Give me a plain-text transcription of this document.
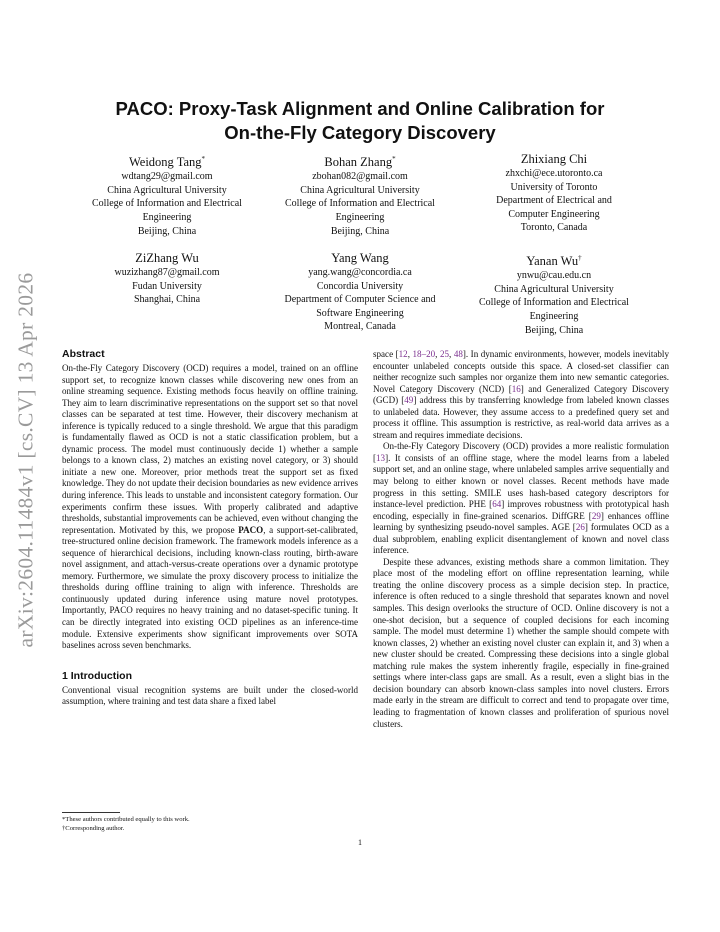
arXiv:2604.11484v1 [cs.CV] 13 Apr 2026
PACO: Proxy-Task Alignment and Online Calibration for
On-the-Fly Category Discovery
Weidong Tang*
wdtang29@gmail.com
China Agricultural University
College of Information and Electrical
Engineering
Beijing, China
Bohan Zhang*
zbohan082@gmail.com
China Agricultural University
College of Information and Electrical
Engineering
Beijing, China
Zhixiang Chi
zhxchi@ece.utoronto.ca
University of Toronto
Department of Electrical and
Computer Engineering
Toronto, Canada
ZiZhang Wu
wuzizhang87@gmail.com
Fudan University
Shanghai, China
Yang Wang
yang.wang@concordia.ca
Concordia University
Department of Computer Science and
Software Engineering
Montreal, Canada
Yanan Wu†
ynwu@cau.edu.cn
China Agricultural University
College of Information and Electrical
Engineering
Beijing, China
Abstract

On-the-Fly Category Discovery (OCD) requires a model, trained on an offline support set, to recognize known classes while discovering new ones from an online streaming sequence. Existing methods focus heavily on offline training. They aim to learn discriminative representations on the support set so that novel classes can be separated at test time. However, their discovery mechanism at inference is typically reduced to a single threshold. We argue that this paradigm is fundamentally flawed as OCD is not a static classification problem, but a dynamic process. The model must continuously decide 1) whether a sample belongs to a known class, 2) matches an existing novel category, or 3) should initiate a new one. Moreover, prior methods treat the support set as fixed knowledge. They do not update their decision boundaries as new evidence arrives during inference. This leads to unstable and inconsistent category formation. Our experiments confirm these issues. With properly calibrated and adaptive thresholds, substantial improvements can be achieved, even without changing the representation. Motivated by this, we propose PACO, a support-set-calibrated, tree-structured online decision framework. The framework models inference as a sequence of hierarchical decisions, including known-class routing, birth-aware novel assignment, and attach-versus-create operations over a dynamic prototype memory. Furthermore, we simulate the proxy discovery process to initialize the thresholds during offline training to align with inference. Thresholds are continuously updated during inference using mature novel prototypes. Importantly, PACO requires no heavy training and no dataset-specific tuning. It can be directly integrated into existing OCD pipelines as an inference-time module. Extensive experiments show significant improvements over SOTA baselines across seven benchmarks.

1 Introduction

Conventional visual recognition systems are built under the closed-world assumption, where training and test data share a fixed label

space [12, 18–20, 25, 48]. In dynamic environments, however, models inevitably encounter unlabeled concepts outside this space. A closed-set classifier can neither recognize such samples nor organize them into new semantic categories. Novel Category Discovery (NCD) [16] and Generalized Category Discovery (GCD) [49] address this by transferring knowledge from labeled known classes to unlabeled data. However, they assume access to a predefined query set and process it offline. This assumption is restrictive, as real-world data arrives as a stream and requires immediate decisions.

On-the-Fly Category Discovery (OCD) provides a more realistic formulation [13]. It consists of an offline stage, where the model learns from a labeled support set, and an online stage, where unlabeled samples arrive sequentially and may belong to either known or novel classes. Recent methods have made progress in this setting. SMILE uses hash-based category descriptors for instance-level prediction. PHE [64] improves robustness with prototypical hash encoding, especially in fine-grained scenarios. DiffGRE [29] enhances offline learning by synthesizing pseudo-novel samples. AGE [26] formulates OCD as a dual subproblem, enabling explicit disentanglement of known and novel class inference.

Despite these advances, existing methods share a common limitation. They place most of the modeling effort on offline representation learning, while treating the online discovery process as a simple decision step. In practice, inference is often reduced to a single threshold that separates known and novel samples. This design overlooks the structure of OCD. Online discovery is not a one-shot decision, but a sequence of coupled decisions for each incoming sample. The model must determine 1) whether the sample should compete with known classes, 2) whether an existing novel cluster can explain it, and 3) when a new cluster should be created. Compressing these decisions into a single global matching rule makes the system inherently fragile, especially in fine-grained settings where inter-class gaps are small. As a result, even a slight bias in the decision boundary can absorb known-class samples into novel clusters. Errors made early in the stream are difficult to correct and tend to propagate over time, leading to fragmentation of known classes and proliferation of spurious novel clusters.

*These authors contributed equally to this work.
†Corresponding author.
1
